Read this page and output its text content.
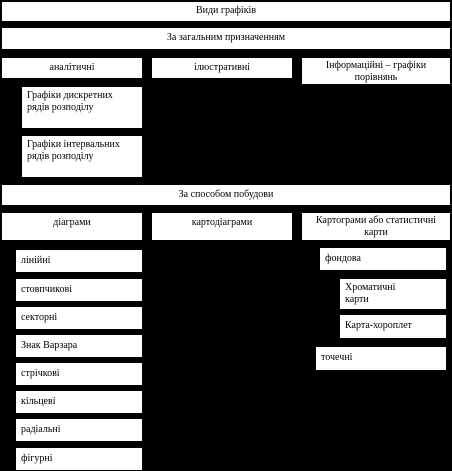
Види графіків
За загальним призначенням
аналітичні	ілюстративні	Інформаційні – графіки порівнянь
Графіки дискретних рядів розподілу
Графіки інтервальних рядів розподілу
За способом побудови
діаграми	картодіаграми	Картограми або статистичні карти
лінійні
стовпчикові
секторні
Знак Варзара
стрічкові
кільцеві
радіальні
фігурні
фондова
Хроматичні карти
Карта-хороплет
точечні
